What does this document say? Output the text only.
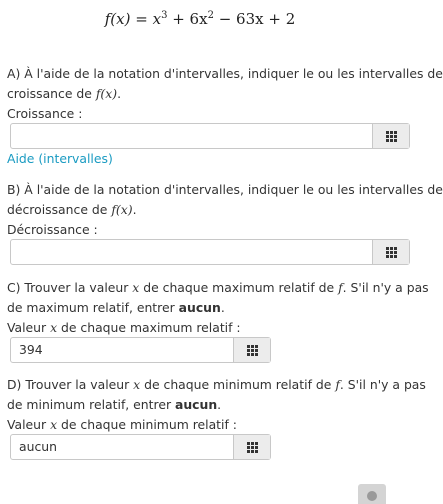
$f(x) = x^3 + 6x^2 - 63x + 2$
A) À l'aide de la notation d'intervalles, indiquer le ou les intervalles de
croissance de f(x).
Croissance :
Aide (intervalles)
B) À l'aide de la notation d'intervalles, indiquer le ou les intervalles de
décroissance de f(x).
Décroissance :
C) Trouver la valeur x de chaque maximum relatif de f. S'il n'y a pas
de maximum relatif, entrer aucun.
Valeur x de chaque maximum relatif :
394
D) Trouver la valeur x de chaque minimum relatif de f. S'il n'y a pas
de minimum relatif, entrer aucun.
Valeur x de chaque minimum relatif :
aucun
